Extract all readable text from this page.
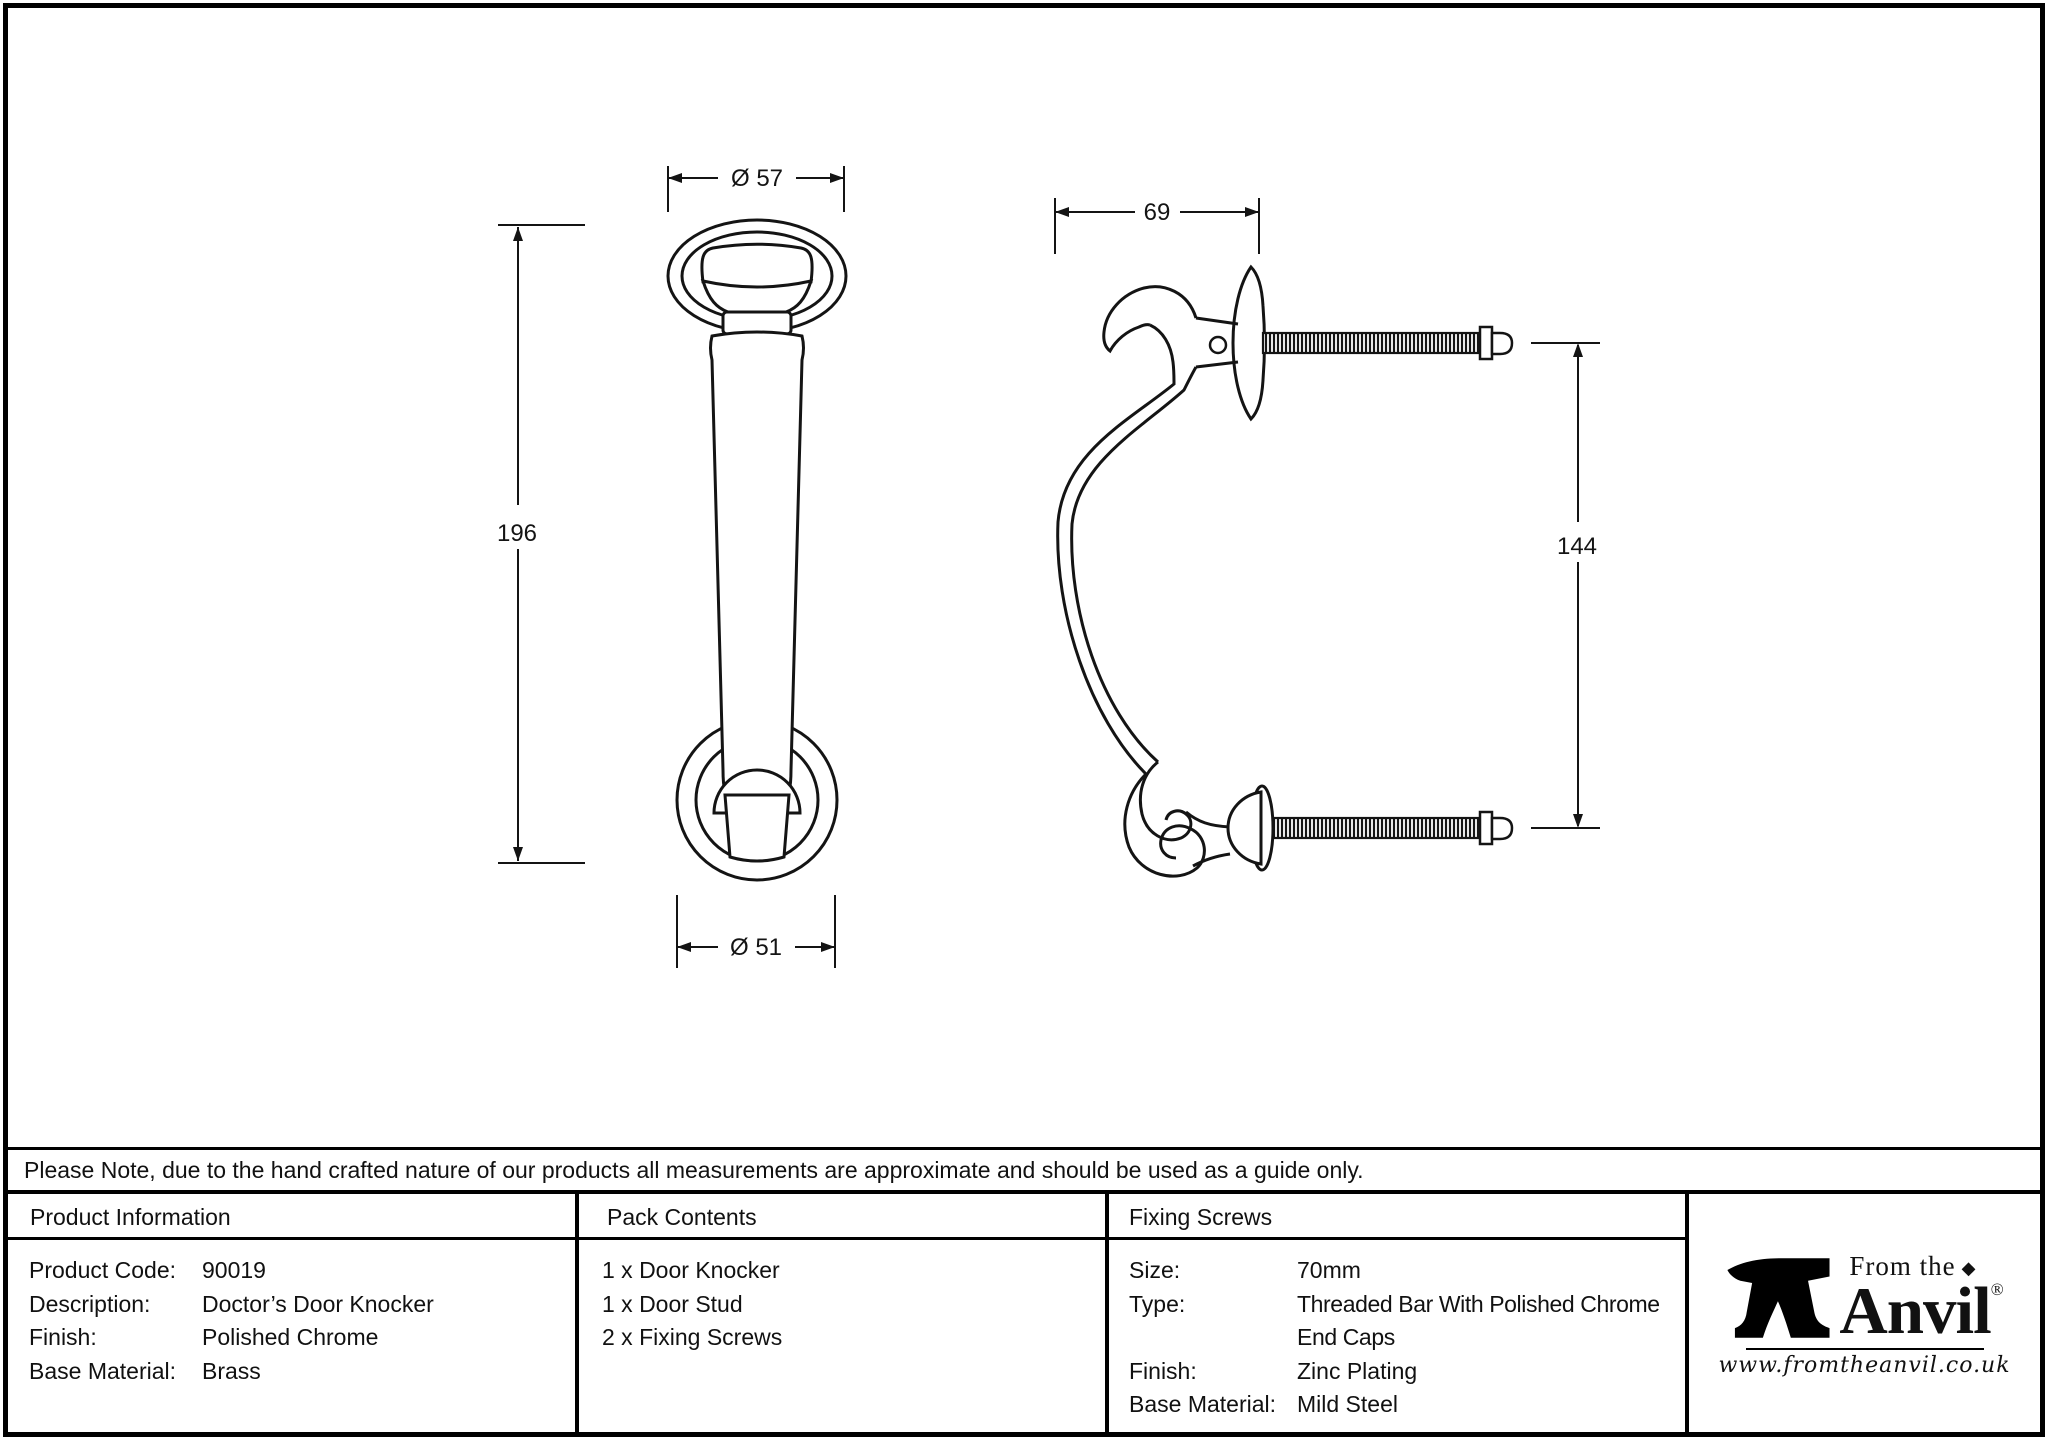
Ø 57
196
Ø 51
69
144
Please Note, due to the hand crafted nature of our products all measurements are approximate and should be used as a guide only.
Product Information	Pack Contents	Fixing Screws
Product Code:	90019
Description:	Doctor’s Door Knocker
Finish:	Polished Chrome
Base Material:	Brass
1 x Door Knocker
1 x Door Stud
2 x Fixing Screws
Size:	70mm
Type:	Threaded Bar With Polished Chrome End Caps
Finish:	Zinc Plating
Base Material: Mild Steel
From the ◆
Anvil®
www.fromtheanvil.co.uk
